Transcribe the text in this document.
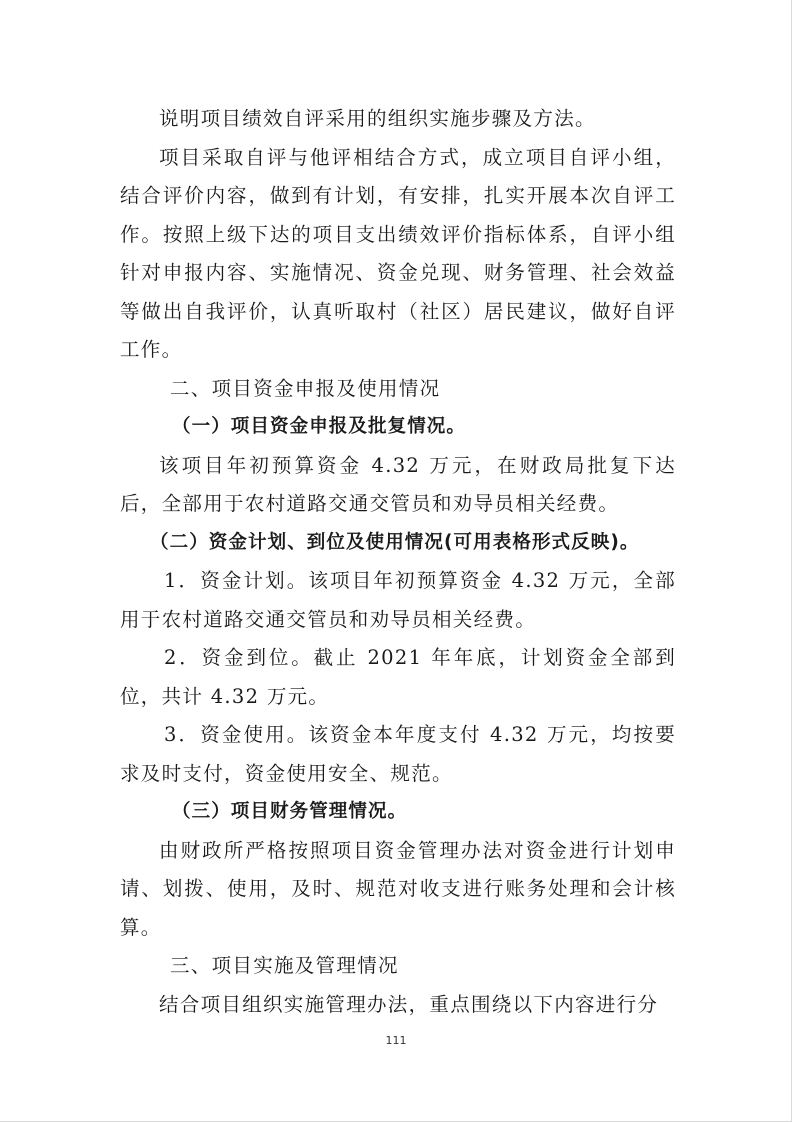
说明项目绩效自评采用的组织实施步骤及方法。

项目采取自评与他评相结合方式，成立项目自评小组，结合评价内容，做到有计划，有安排，扎实开展本次自评工作。按照上级下达的项目支出绩效评价指标体系，自评小组针对申报内容、实施情况、资金兑现、财务管理、社会效益等做出自我评价，认真听取村（社区）居民建议，做好自评工作。

二、项目资金申报及使用情况

（一）项目资金申报及批复情况。

该项目年初预算资金 4.32 万元，在财政局批复下达后，全部用于农村道路交通交管员和劝导员相关经费。

（二）资金计划、到位及使用情况(可用表格形式反映)。

1．资金计划。该项目年初预算资金 4.32 万元，全部用于农村道路交通交管员和劝导员相关经费。

2．资金到位。截止 2021 年年底，计划资金全部到位，共计 4.32 万元。

3．资金使用。该资金本年度支付 4.32 万元，均按要求及时支付，资金使用安全、规范。

（三）项目财务管理情况。

由财政所严格按照项目资金管理办法对资金进行计划申请、划拨、使用，及时、规范对收支进行账务处理和会计核算。

三、项目实施及管理情况

结合项目组织实施管理办法，重点围绕以下内容进行分

111
